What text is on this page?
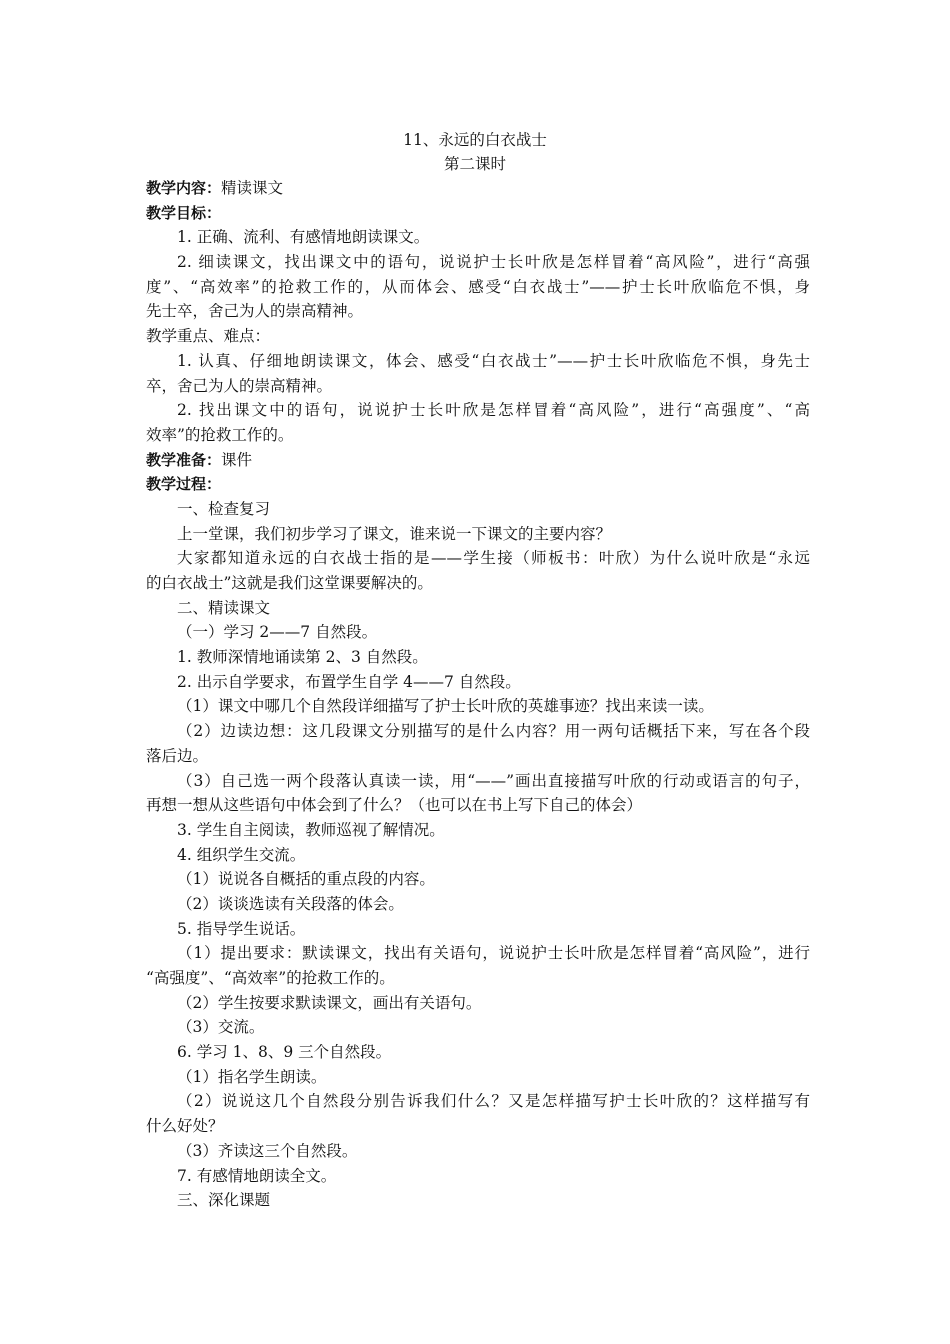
11、永远的白衣战士
第二课时
教学内容：精读课文
教学目标：
1. 正确、流利、有感情地朗读课文。
2. 细读课文，找出课文中的语句，说说护士长叶欣是怎样冒着“高风险”，进行“高强
度”、“高效率”的抢救工作的，从而体会、感受“白衣战士”——护士长叶欣临危不惧，身
先士卒，舍己为人的崇高精神。
教学重点、难点：
1. 认真、仔细地朗读课文，体会、感受“白衣战士”——护士长叶欣临危不惧，身先士
卒，舍己为人的崇高精神。
2. 找出课文中的语句，说说护士长叶欣是怎样冒着“高风险”，进行“高强度”、“高
效率”的抢救工作的。
教学准备：课件
教学过程：
一、检查复习
上一堂课，我们初步学习了课文，谁来说一下课文的主要内容？
大家都知道永远的白衣战士指的是——学生接（师板书：叶欣）为什么说叶欣是“永远
的白衣战士”这就是我们这堂课要解决的。
二、精读课文
（一）学习 2——7 自然段。
1. 教师深情地诵读第 2、3 自然段。
2. 出示自学要求，布置学生自学 4——7 自然段。
（1）课文中哪几个自然段详细描写了护士长叶欣的英雄事迹？找出来读一读。
（2）边读边想：这几段课文分别描写的是什么内容？用一两句话概括下来，写在各个段
落后边。
（3）自己选一两个段落认真读一读，用“——”画出直接描写叶欣的行动或语言的句子，
再想一想从这些语句中体会到了什么？（也可以在书上写下自己的体会）
3. 学生自主阅读，教师巡视了解情况。
4. 组织学生交流。
（1）说说各自概括的重点段的内容。
（2）谈谈选读有关段落的体会。
5. 指导学生说话。
（1）提出要求：默读课文，找出有关语句，说说护士长叶欣是怎样冒着“高风险”，进行
“高强度”、“高效率”的抢救工作的。
（2）学生按要求默读课文，画出有关语句。
（3）交流。
6. 学习 1、8、9 三个自然段。
（1）指名学生朗读。
（2）说说这几个自然段分别告诉我们什么？又是怎样描写护士长叶欣的？这样描写有
什么好处？
（3）齐读这三个自然段。
7. 有感情地朗读全文。
三、深化课题
